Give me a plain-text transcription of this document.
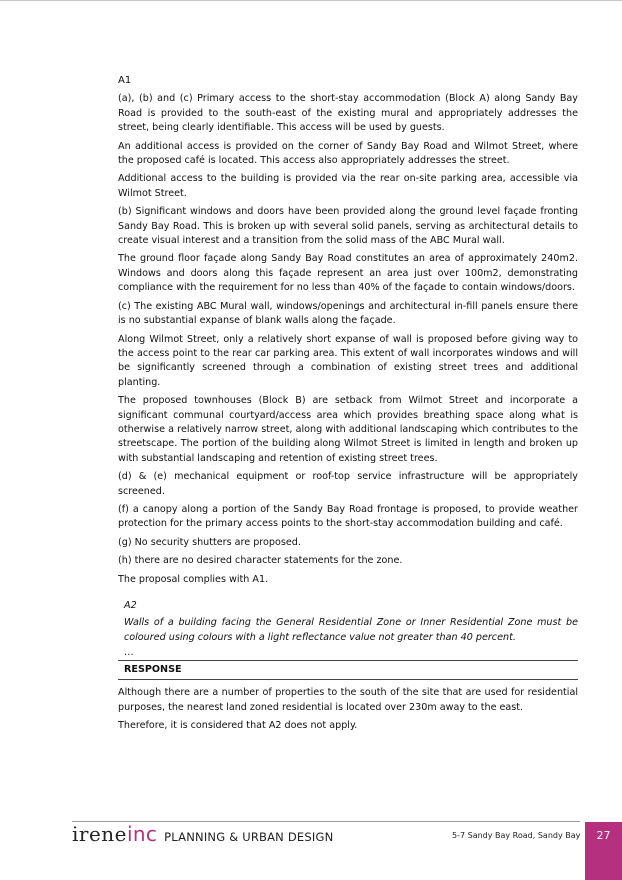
A1

(a), (b) and (c) Primary access to the short-stay accommodation (Block A) along Sandy Bay Road is provided to the south-east of the existing mural and appropriately addresses the street, being clearly identifiable. This access will be used by guests.

An additional access is provided on the corner of Sandy Bay Road and Wilmot Street, where the proposed café is located. This access also appropriately addresses the street.

Additional access to the building is provided via the rear on-site parking area, accessible via Wilmot Street.

(b) Significant windows and doors have been provided along the ground level façade fronting Sandy Bay Road. This is broken up with several solid panels, serving as architectural details to create visual interest and a transition from the solid mass of the ABC Mural wall.

The ground floor façade along Sandy Bay Road constitutes an area of approximately 240m2. Windows and doors along this façade represent an area just over 100m2, demonstrating compliance with the requirement for no less than 40% of the façade to contain windows/doors.

(c) The existing ABC Mural wall, windows/openings and architectural in-fill panels ensure there is no substantial expanse of blank walls along the façade.

Along Wilmot Street, only a relatively short expanse of wall is proposed before giving way to the access point to the rear car parking area. This extent of wall incorporates windows and will be significantly screened through a combination of existing street trees and additional planting.

The proposed townhouses (Block B) are setback from Wilmot Street and incorporate a significant communal courtyard/access area which provides breathing space along what is otherwise a relatively narrow street, along with additional landscaping which contributes to the streetscape. The portion of the building along Wilmot Street is limited in length and broken up with substantial landscaping and retention of existing street trees.

(d) & (e) mechanical equipment or roof-top service infrastructure will be appropriately screened.

(f) a canopy along a portion of the Sandy Bay Road frontage is proposed, to provide weather protection for the primary access points to the short-stay accommodation building and café.

(g) No security shutters are proposed.

(h) there are no desired character statements for the zone.

The proposal complies with A1.

A2

Walls of a building facing the General Residential Zone or Inner Residential Zone must be coloured using colours with a light reflectance value not greater than 40 percent.

…

RESPONSE

Although there are a number of properties to the south of the site that are used for residential purposes, the nearest land zoned residential is located over 230m away to the east.

Therefore, it is considered that A2 does not apply.

irene inc PLANNING & URBAN DESIGN	5-7 Sandy Bay Road, Sandy Bay	27
